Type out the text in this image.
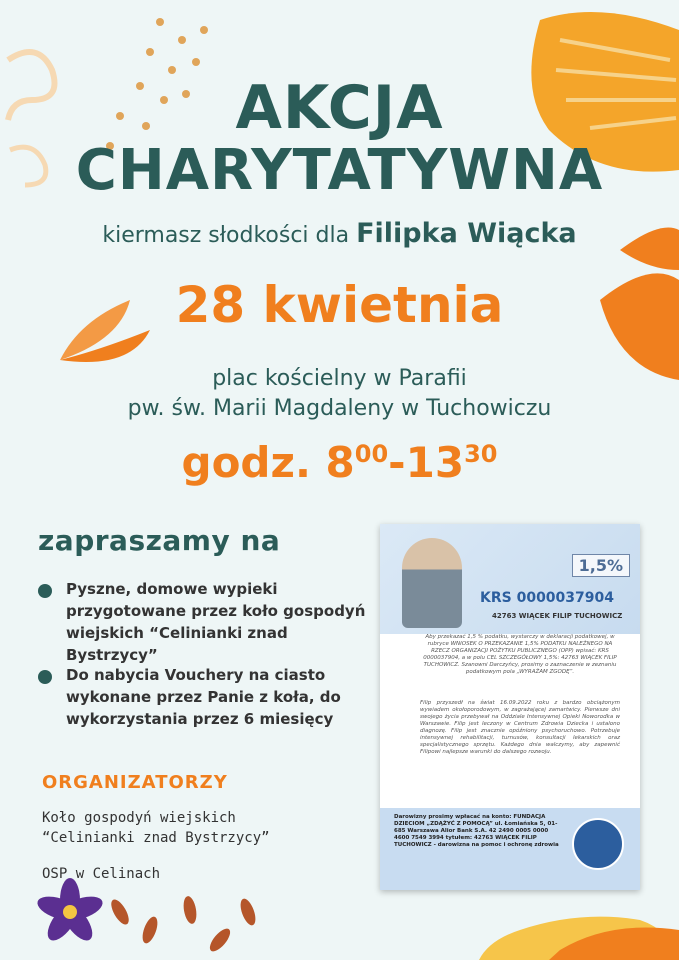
AKCJA
CHARYTATYWNA
kiermasz słodkości dla Filipka Wiącka
28 kwietnia
plac kościelny w Parafii
pw. św. Marii Magdaleny w Tuchowiczu
godz. $8^{00}-13^{30}$
zapraszamy na
Pyszne, domowe wypieki przygotowane przez koło gospodyń wiejskich “Celinianki znad Bystrzycy”
Do nabycia Vouchery na ciasto wykonane przez Panie z koła, do wykorzystania przez 6 miesięcy
ORGANIZATORZY
Koło gospodyń wiejskich
“Celinianki znad Bystrzycy”
OSP w Celinach
1,5%
KRS 0000037904
42763 WIĄCEK FILIP TUCHOWICZ
Aby przekazać 1,5 % podatku, wystarczy w deklaracji podatkowej, w rubryce WNIOSEK O PRZEKAZANIE 1,5% PODATKU NALEŻNEGO NA RZECZ ORGANIZACJI POŻYTKU PUBLICZNEGO (OPP) wpisać: KRS 0000037904, a w polu CEL SZCZEGÓŁOWY 1,5%: 42763 WIĄCEK FILIP TUCHOWICZ. Szanowni Darczyńcy, prosimy o zaznaczenie w zeznaniu podatkowym pola „WYRAŻAM ZGODĘ”.
Filip przyszedł na świat 16.09.2022 roku z bardzo obciążonym wywiadem okołoporodowym, w zagrażającej zamartwicy. Pierwsze dni swojego życia przebywał na Oddziale Intensywnej Opieki Noworodka w Warszawie. Filip jest leczony w Centrum Zdrowia Dziecka i ustalono diagnozę. Filip jest znacznie opóźniony psychoruchowo. Potrzebuje intensywnej rehabilitacji, turnusów, konsultacji lekarskich oraz specjalistycznego sprzętu. Każdego dnia walczymy, aby zapewnić Filipowi najlepsze warunki do dalszego rozwoju.
Darowizny prosimy wpłacać na konto: FUNDACJA DZIECIOM „ZDĄŻYĆ Z POMOCĄ” ul. Łomiańska 5, 01-685 Warszawa Alior Bank S.A. 42 2490 0005 0000 4600 7549 3994 tytułem: 42763 WIĄCEK FILIP TUCHOWICZ - darowizna na pomoc i ochronę zdrowia
